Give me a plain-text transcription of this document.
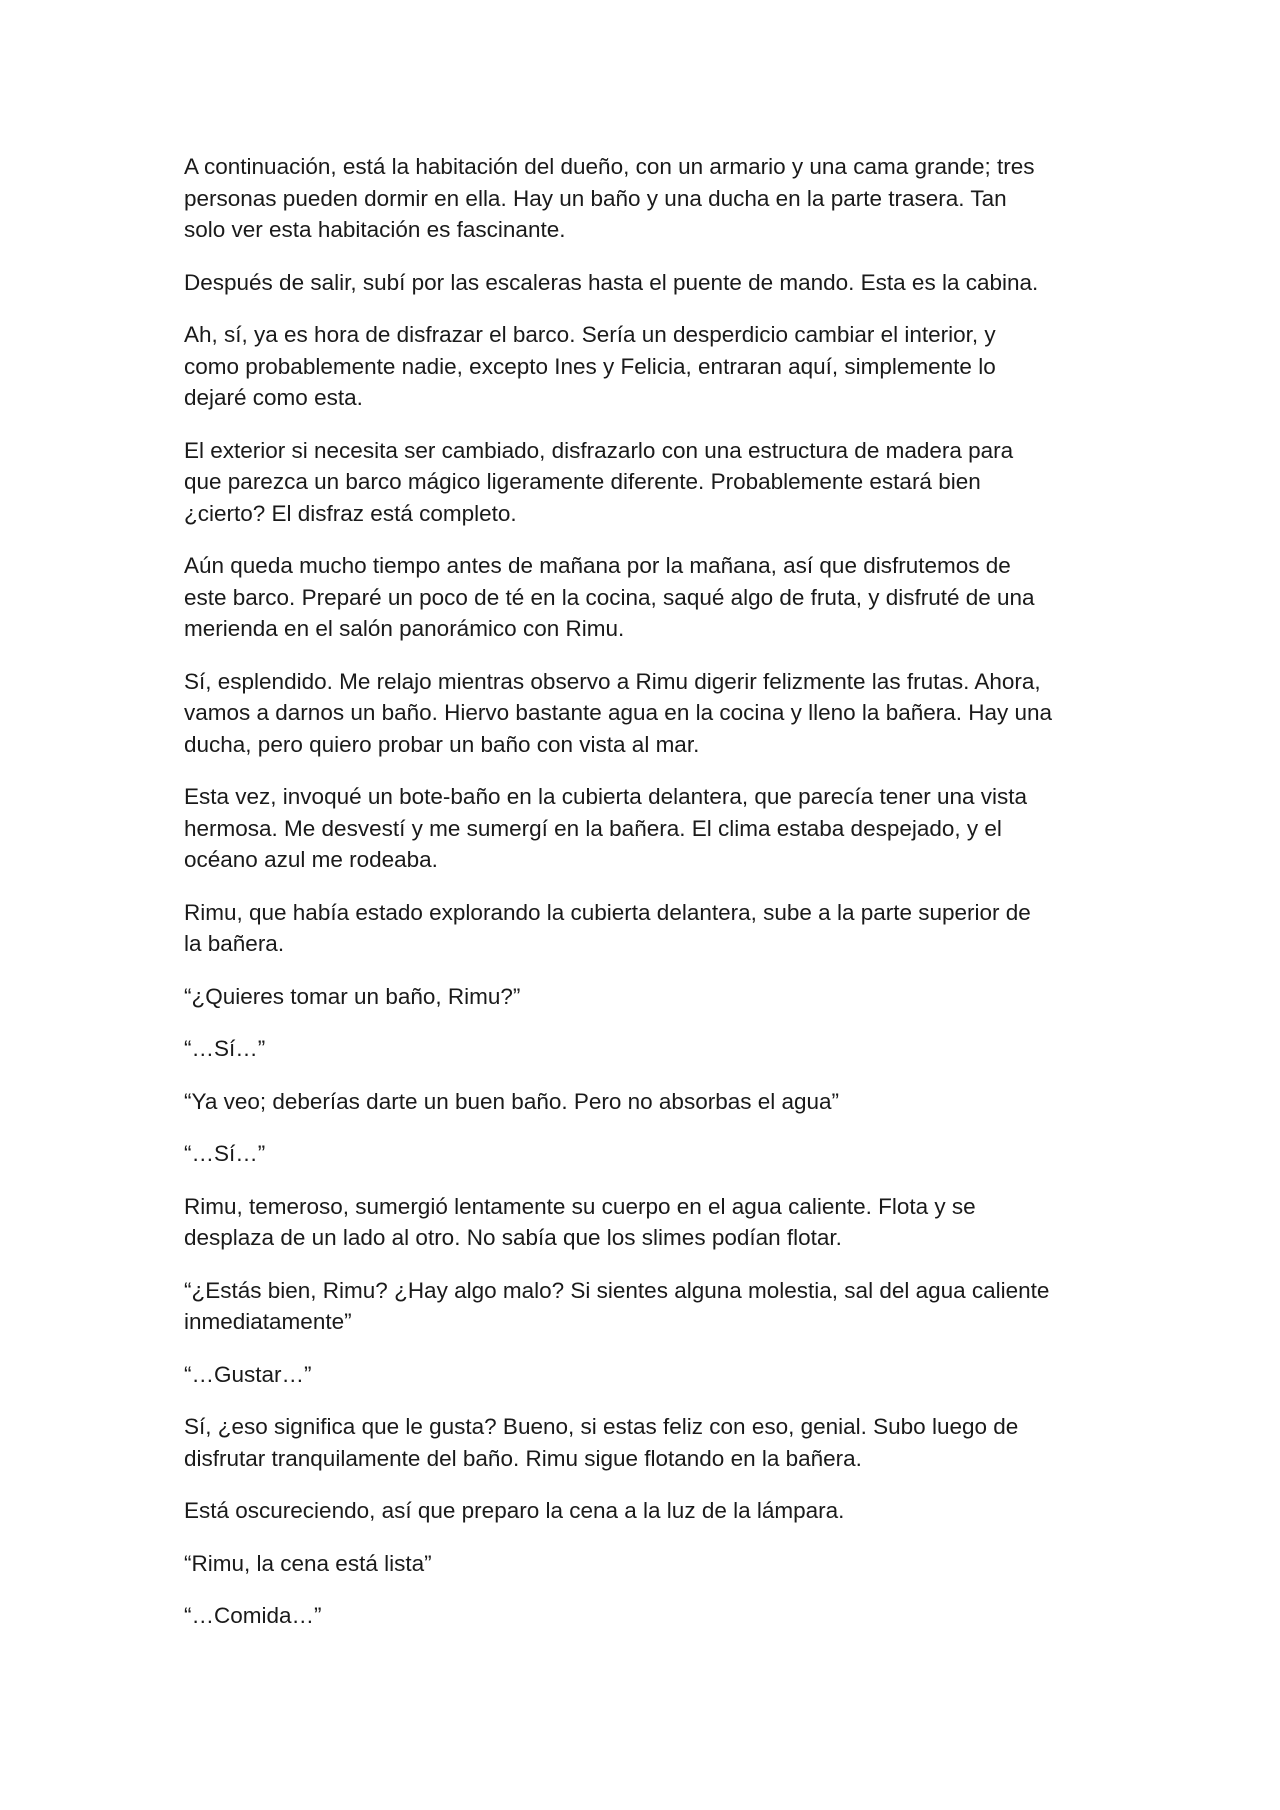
A continuación, está la habitación del dueño, con un armario y una cama grande; tres
personas pueden dormir en ella. Hay un baño y una ducha en la parte trasera. Tan
solo ver esta habitación es fascinante.

Después de salir, subí por las escaleras hasta el puente de mando. Esta es la cabina.

Ah, sí, ya es hora de disfrazar el barco. Sería un desperdicio cambiar el interior, y
como probablemente nadie, excepto Ines y Felicia, entraran aquí, simplemente lo
dejaré como esta.

El exterior si necesita ser cambiado, disfrazarlo con una estructura de madera para
que parezca un barco mágico ligeramente diferente. Probablemente estará bien
¿cierto? El disfraz está completo.

Aún queda mucho tiempo antes de mañana por la mañana, así que disfrutemos de
este barco. Preparé un poco de té en la cocina, saqué algo de fruta, y disfruté de una
merienda en el salón panorámico con Rimu.

Sí, esplendido. Me relajo mientras observo a Rimu digerir felizmente las frutas. Ahora,
vamos a darnos un baño. Hiervo bastante agua en la cocina y lleno la bañera. Hay una
ducha, pero quiero probar un baño con vista al mar.

Esta vez, invoqué un bote-baño en la cubierta delantera, que parecía tener una vista
hermosa. Me desvestí y me sumergí en la bañera. El clima estaba despejado, y el
océano azul me rodeaba.

Rimu, que había estado explorando la cubierta delantera, sube a la parte superior de
la bañera.

“¿Quieres tomar un baño, Rimu?”

“…Sí…”

“Ya veo; deberías darte un buen baño. Pero no absorbas el agua”

“…Sí…”

Rimu, temeroso, sumergió lentamente su cuerpo en el agua caliente. Flota y se
desplaza de un lado al otro. No sabía que los slimes podían flotar.

“¿Estás bien, Rimu? ¿Hay algo malo? Si sientes alguna molestia, sal del agua caliente
inmediatamente”

“…Gustar…”

Sí, ¿eso significa que le gusta? Bueno, si estas feliz con eso, genial. Subo luego de
disfrutar tranquilamente del baño. Rimu sigue flotando en la bañera.

Está oscureciendo, así que preparo la cena a la luz de la lámpara.

“Rimu, la cena está lista”

“…Comida…”
